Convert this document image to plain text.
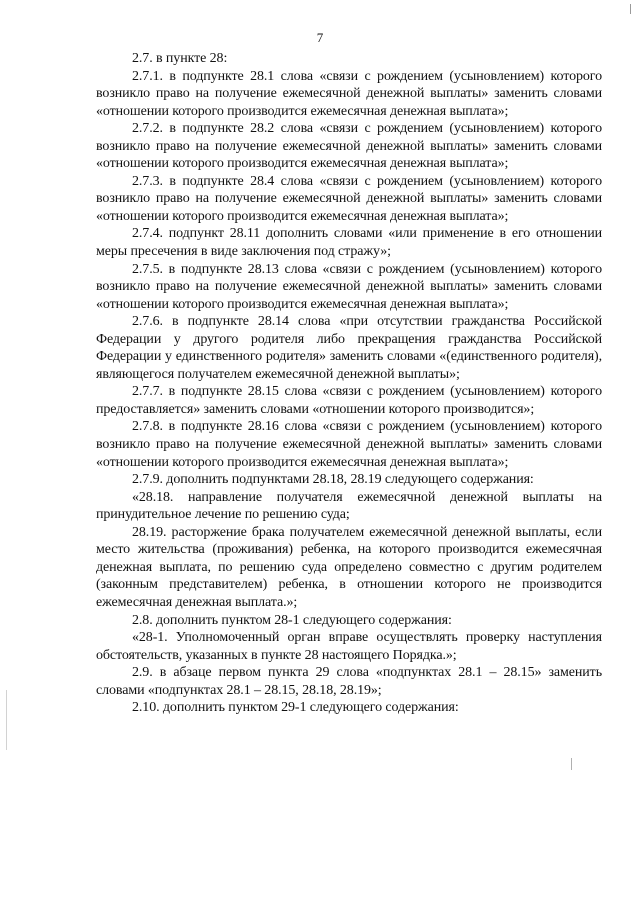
7

2.7. в пункте 28:

2.7.1. в подпункте 28.1 слова «связи с рождением (усыновлением) которого возникло право на получение ежемесячной денежной выплаты» заменить словами «отношении которого производится ежемесячная денежная выплата»;

2.7.2. в подпункте 28.2 слова «связи с рождением (усыновлением) которого возникло право на получение ежемесячной денежной выплаты» заменить словами «отношении которого производится ежемесячная денежная выплата»;

2.7.3. в подпункте 28.4 слова «связи с рождением (усыновлением) которого возникло право на получение ежемесячной денежной выплаты» заменить словами «отношении которого производится ежемесячная денежная выплата»;

2.7.4. подпункт 28.11 дополнить словами «или применение в его отношении меры пресечения в виде заключения под стражу»;

2.7.5. в подпункте 28.13 слова «связи с рождением (усыновлением) которого возникло право на получение ежемесячной денежной выплаты» заменить словами «отношении которого производится ежемесячная денежная выплата»;

2.7.6. в подпункте 28.14 слова «при отсутствии гражданства Российской Федерации у другого родителя либо прекращения гражданства Российской Федерации у единственного родителя» заменить словами «(единственного родителя), являющегося получателем ежемесячной денежной выплаты»;

2.7.7. в подпункте 28.15 слова «связи с рождением (усыновлением) которого предоставляется» заменить словами «отношении которого производится»;

2.7.8. в подпункте 28.16 слова «связи с рождением (усыновлением) которого возникло право на получение ежемесячной денежной выплаты» заменить словами «отношении которого производится ежемесячная денежная выплата»;

2.7.9. дополнить подпунктами 28.18, 28.19 следующего содержания:

«28.18. направление получателя ежемесячной денежной выплаты на принудительное лечение по решению суда;

28.19. расторжение брака получателем ежемесячной денежной выплаты, если место жительства (проживания) ребенка, на которого производится ежемесячная денежная выплата, по решению суда определено совместно с другим родителем (законным представителем) ребенка, в отношении которого не производится ежемесячная денежная выплата.»;

2.8. дополнить пунктом 28-1 следующего содержания:

«28-1. Уполномоченный орган вправе осуществлять проверку наступления обстоятельств, указанных в пункте 28 настоящего Порядка.»;

2.9. в абзаце первом пункта 29 слова «подпунктах 28.1 – 28.15» заменить словами «подпунктах 28.1 – 28.15, 28.18, 28.19»;

2.10. дополнить пунктом 29-1 следующего содержания:
